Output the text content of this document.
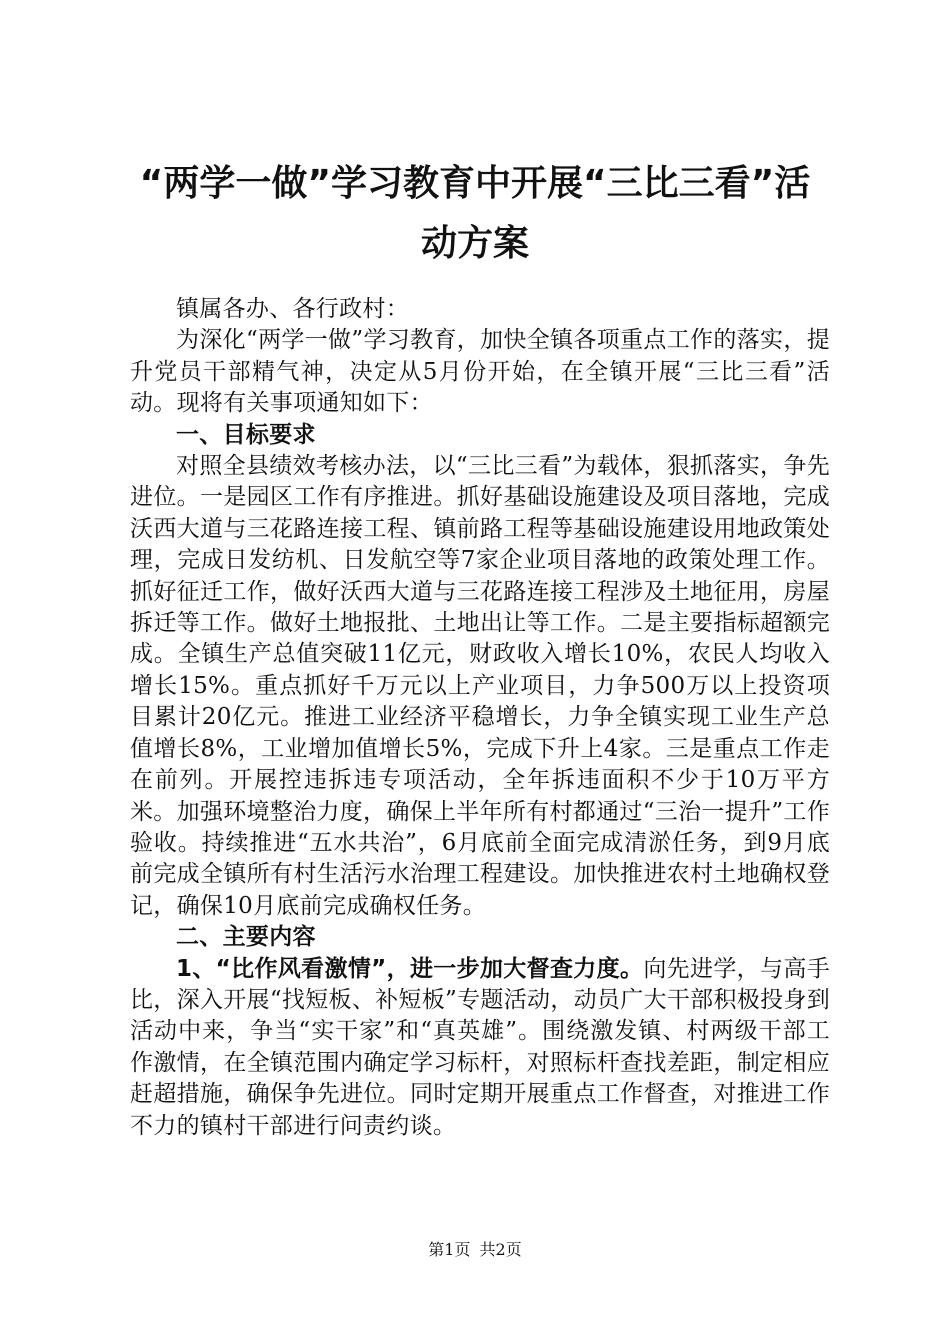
“两学一做”学习教育中开展“三比三看”活
动方案

镇属各办、各行政村：

为深化“两学一做”学习教育，加快全镇各项重点工作的落实，提升党员干部精气神，决定从5月份开始，在全镇开展“三比三看”活动。现将有关事项通知如下：

一、目标要求

对照全县绩效考核办法，以“三比三看”为载体，狠抓落实，争先进位。一是园区工作有序推进。抓好基础设施建设及项目落地，完成沃西大道与三花路连接工程、镇前路工程等基础设施建设用地政策处理，完成日发纺机、日发航空等7家企业项目落地的政策处理工作。抓好征迁工作，做好沃西大道与三花路连接工程涉及土地征用，房屋拆迁等工作。做好土地报批、土地出让等工作。二是主要指标超额完成。全镇生产总值突破11亿元，财政收入增长10%，农民人均收入增长15%。重点抓好千万元以上产业项目，力争500万以上投资项目累计20亿元。推进工业经济平稳增长，力争全镇实现工业生产总值增长8%，工业增加值增长5%，完成下升上4家。三是重点工作走在前列。开展控违拆违专项活动，全年拆违面积不少于10万平方米。加强环境整治力度，确保上半年所有村都通过“三治一提升”工作验收。持续推进“五水共治”，6月底前全面完成清淤任务，到9月底前完成全镇所有村生活污水治理工程建设。加快推进农村土地确权登记，确保10月底前完成确权任务。

二、主要内容

1、“比作风看激情”，进一步加大督查力度。向先进学，与高手比，深入开展“找短板、补短板”专题活动，动员广大干部积极投身到活动中来，争当“实干家”和“真英雄”。围绕激发镇、村两级干部工作激情，在全镇范围内确定学习标杆，对照标杆查找差距，制定相应赶超措施，确保争先进位。同时定期开展重点工作督查，对推进工作不力的镇村干部进行问责约谈。

第1页 共2页
